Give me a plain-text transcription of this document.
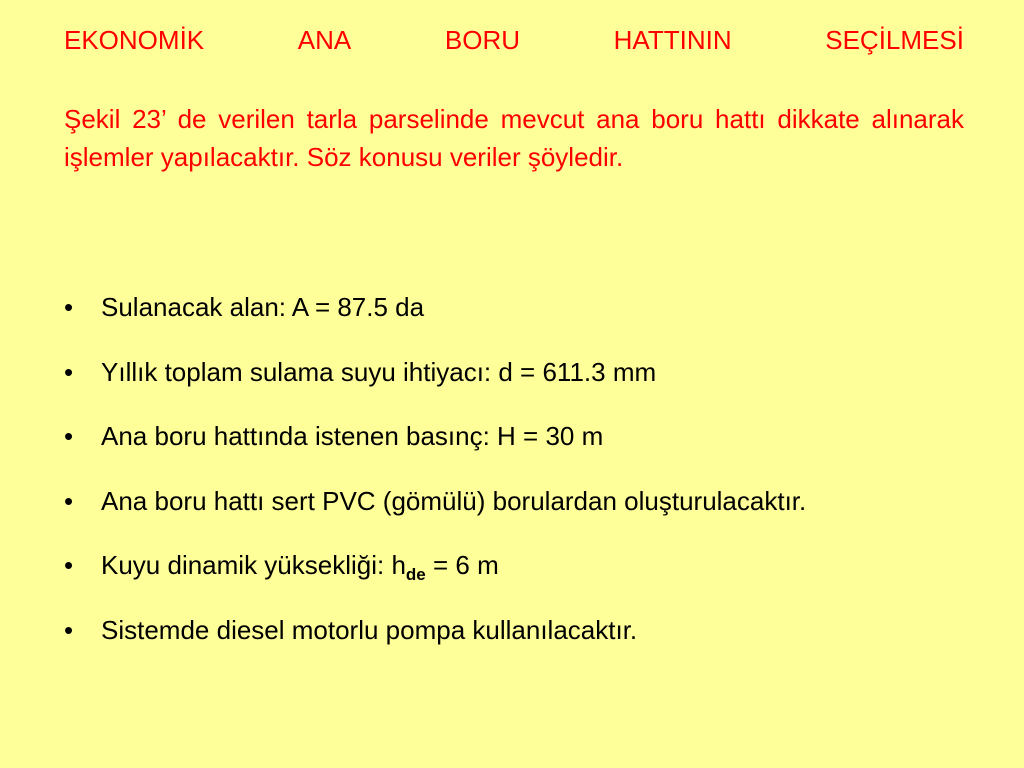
EKONOMİK	ANA	BORU	HATTININ	SEÇİLMESİ

Şekil 23’ de verilen tarla parselinde mevcut ana boru hattı dikkate alınarak işlemler yapılacaktır. Söz konusu veriler şöyledir.

• Sulanacak alan: A = 87.5 da
• Yıllık toplam sulama suyu ihtiyacı: d = 611.3 mm
• Ana boru hattında istenen basınç: H = 30 m
• Ana boru hattı sert PVC (gömülü) borulardan oluşturulacaktır.
• Kuyu dinamik yüksekliği: $h_{de} = 6$ m
• Sistemde diesel motorlu pompa kullanılacaktır.
